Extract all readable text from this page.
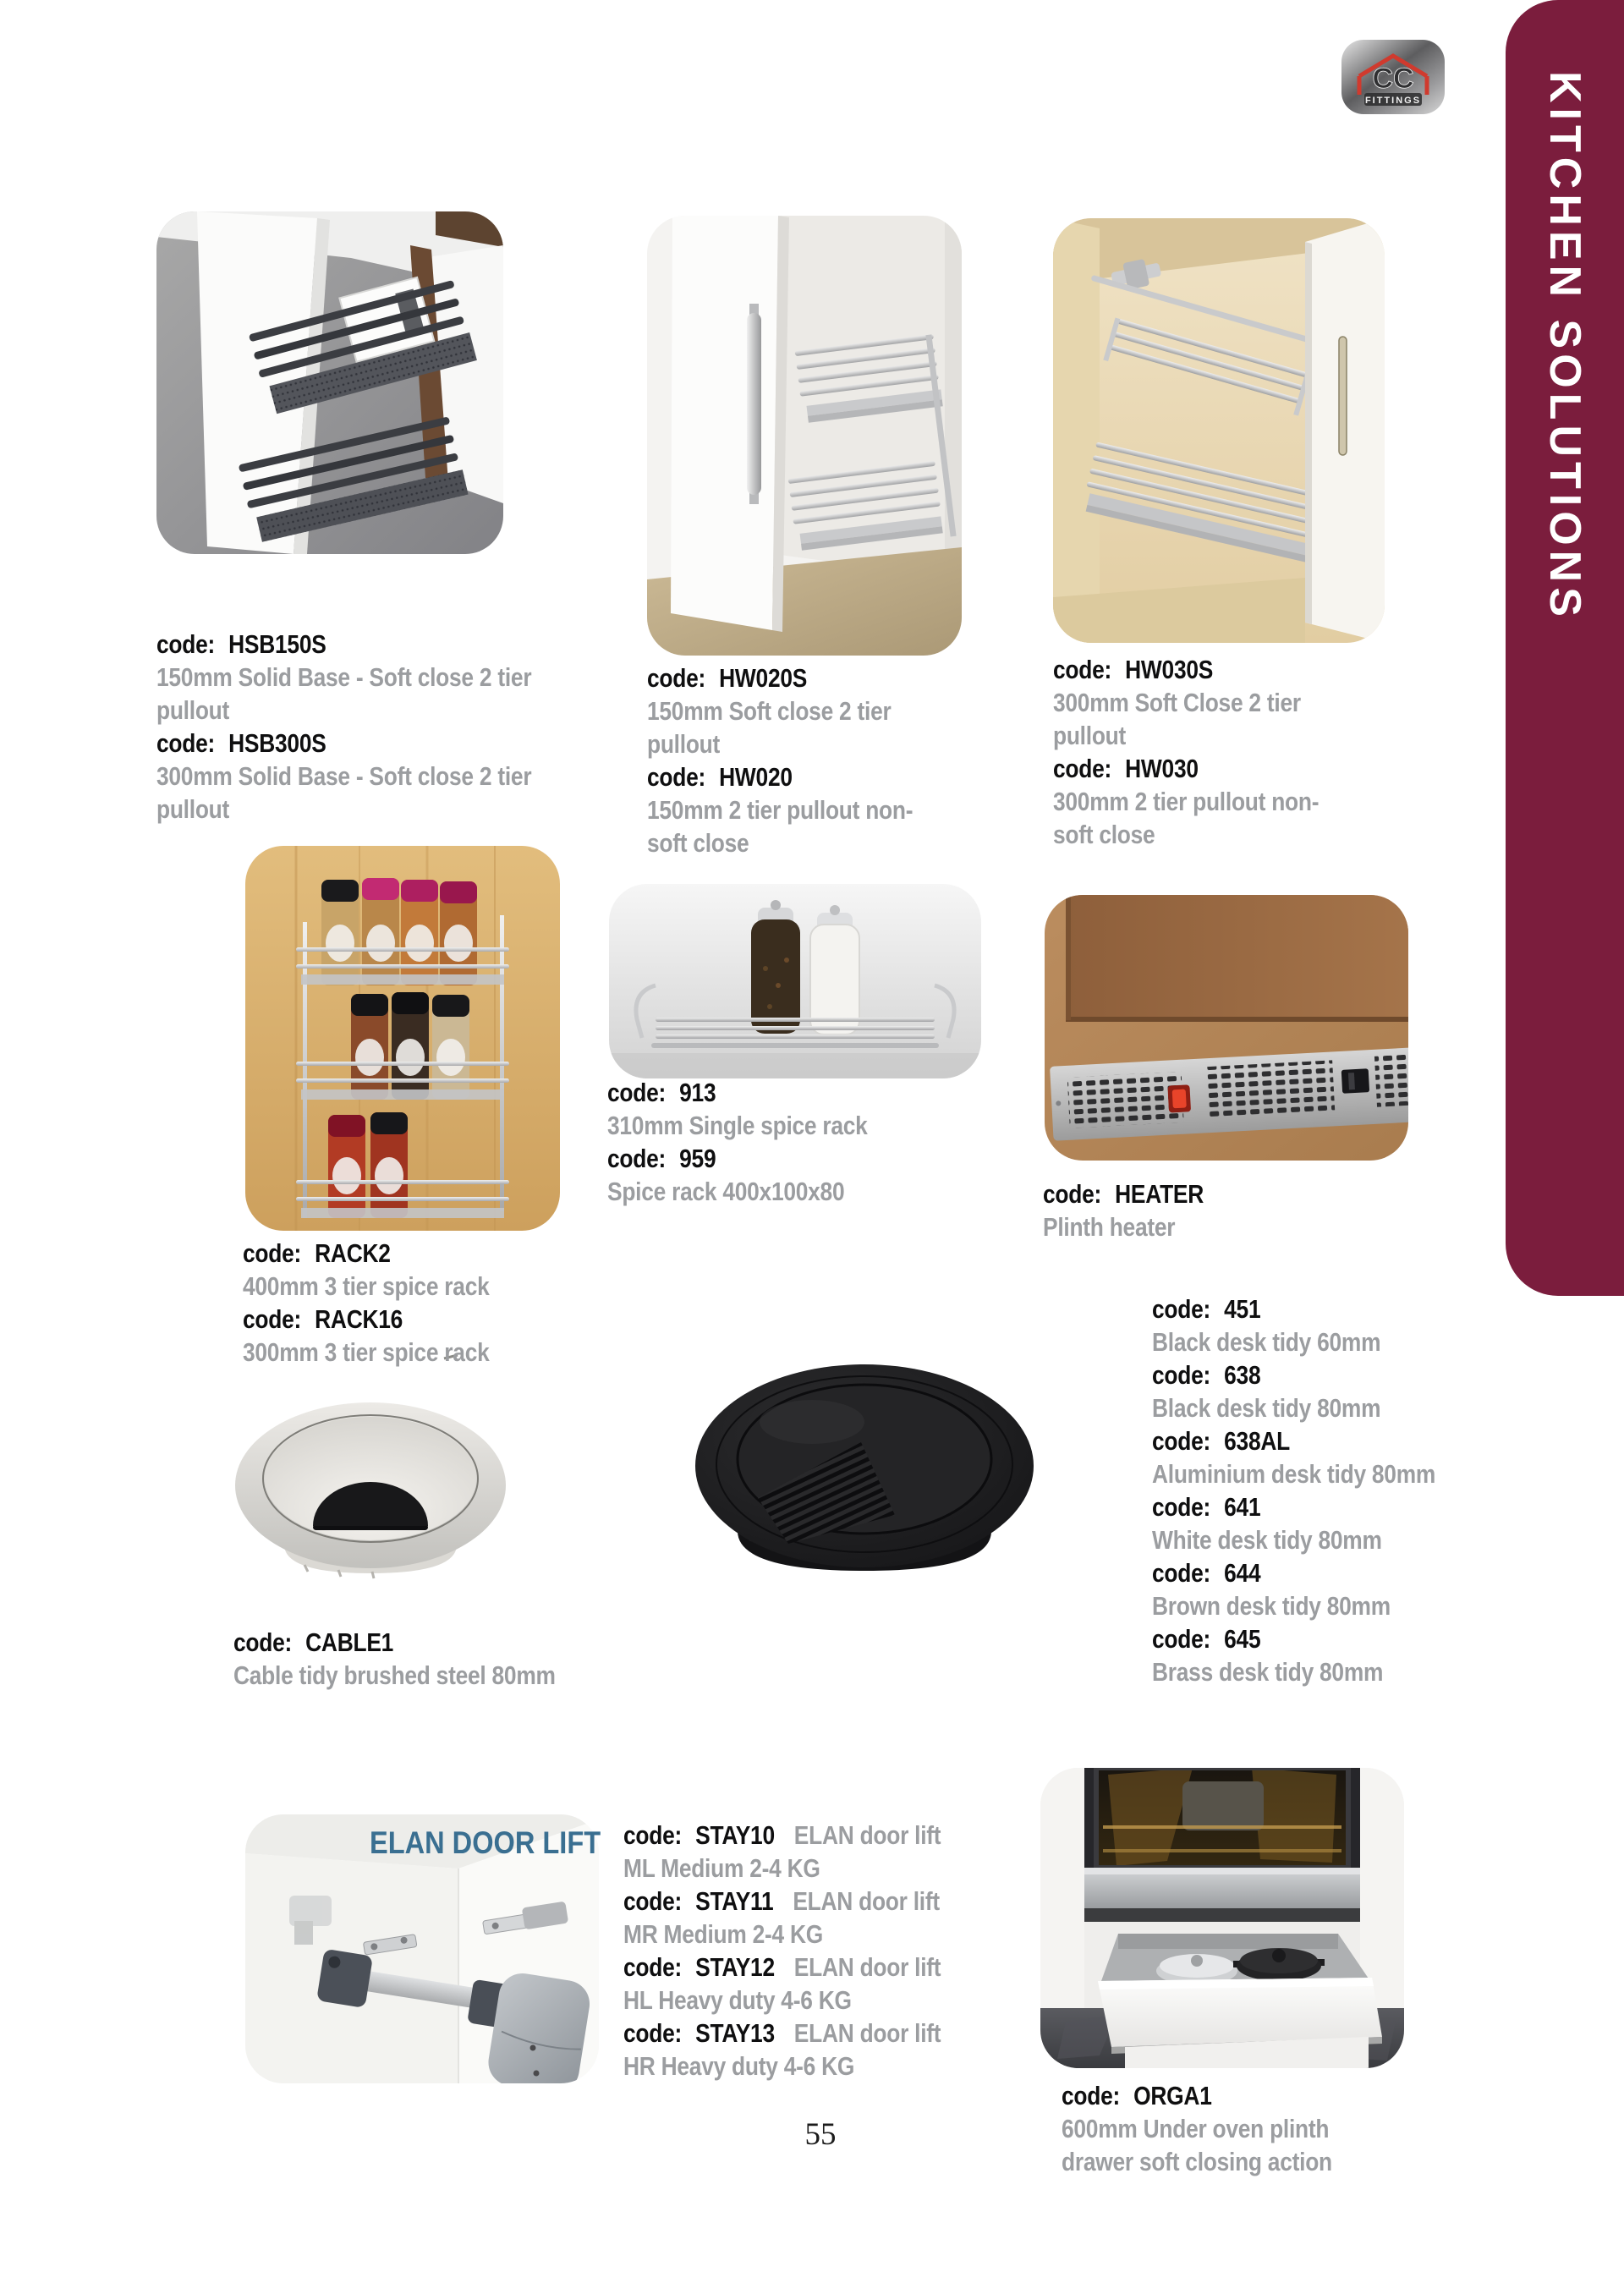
KITCHEN SOLUTIONS
CC
FITTINGS
ELAN DOOR LIFT
code: HSB150S
150mm Solid Base - Soft close 2 tier pullout
code: HSB300S
300mm Solid Base - Soft close 2 tier pullout
code: HW020S
150mm Soft close 2 tier pullout
code: HW020
150mm 2 tier pullout non-soft close
code: HW030S
300mm Soft Close 2 tier pullout
code: HW030
300mm 2 tier pullout non-soft close
code: RACK2
400mm 3 tier spice rack
code: RACK16
300mm 3 tier spice rack
code: 913
310mm Single spice rack
code: 959
Spice rack 400x100x80	code: HEATER
Plinth heater
code: 451
Black desk tidy 60mm
code: 638
Black desk tidy 80mm
code: 638AL
Aluminium desk tidy 80mm
code: 641
White desk tidy 80mm
code: 644
Brown desk tidy 80mm
code: 645
Brass desk tidy 80mm
code: CABLE1
Cable tidy brushed steel 80mm
code: STAY10 ELAN door lift
ML Medium 2-4 KG
code: STAY11 ELAN door lift
MR Medium 2-4 KG
code: STAY12 ELAN door lift
HL Heavy duty 4-6 KG
code: STAY13 ELAN door lift
HR Heavy duty 4-6 KG
code: ORGA1
600mm Under oven plinth drawer soft closing action
55
